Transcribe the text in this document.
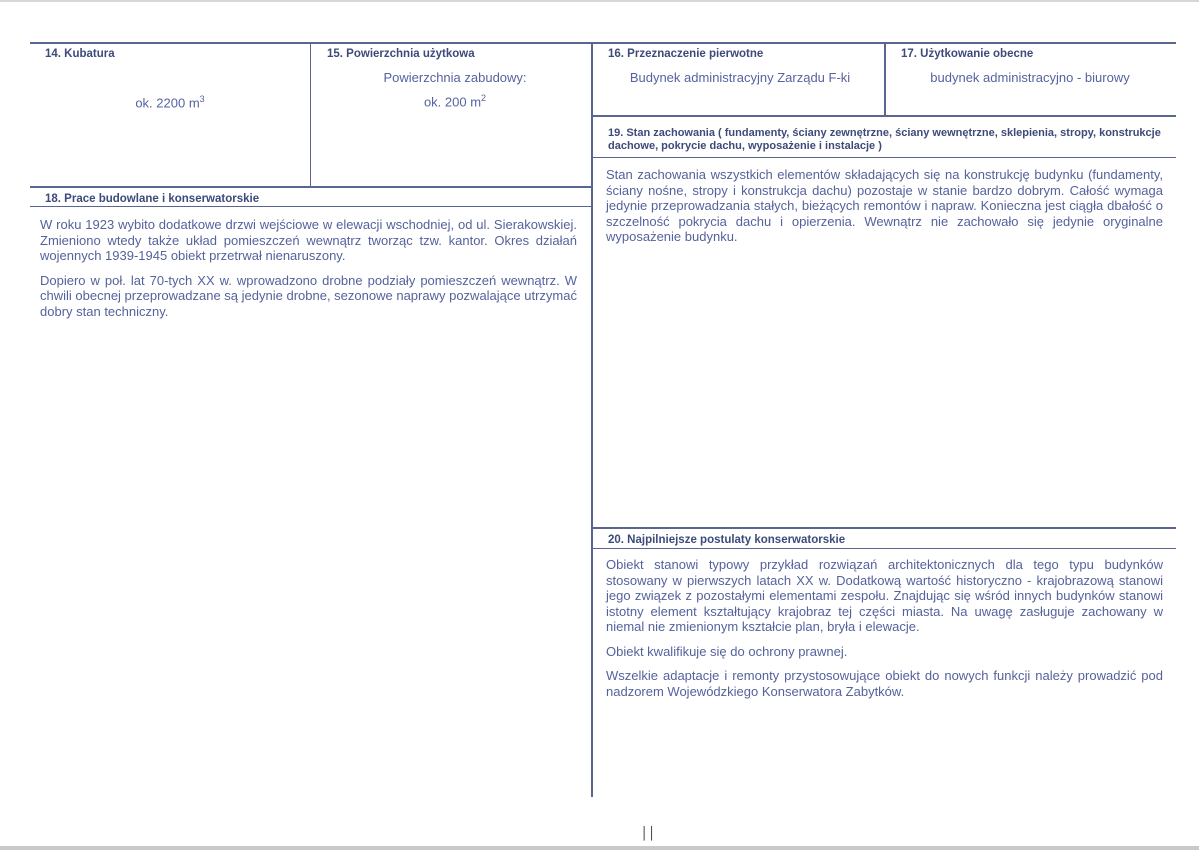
14. Kubatura
ok. 2200 $m^3$
15. Powierzchnia użytkowa
Powierzchnia zabudowy:
ok. 200 $m^2$
16. Przeznaczenie pierwotne
Budynek administracyjny Zarządu F-ki
17. Użytkowanie obecne
budynek administracyjno - biurowy
19. Stan zachowania ( fundamenty, ściany zewnętrzne, ściany wewnętrzne, sklepienia, stropy, konstrukcje dachowe, pokrycie dachu, wyposażenie i instalacje )

Stan zachowania wszystkich elementów składających się na konstrukcję budynku (fundamenty, ściany nośne, stropy i konstrukcja dachu) pozostaje w stanie bardzo dobrym. Całość wymaga jedynie przeprowadzania stałych, bieżących remontów i napraw. Konieczna jest ciągła dbałość o szczelność pokrycia dachu i opierzenia. Wewnątrz nie zachowało się jedynie oryginalne wyposażenie budynku.

18. Prace budowlane i konserwatorskie

W roku 1923 wybito dodatkowe drzwi wejściowe w elewacji wschodniej, od ul. Sierakowskiej. Zmieniono wtedy także układ pomieszczeń wewnątrz tworząc tzw. kantor. Okres działań wojennych 1939-1945 obiekt przetrwał nienaruszony.

Dopiero w poł. lat 70-tych XX w. wprowadzono drobne podziały pomieszczeń wewnątrz. W chwili obecnej przeprowadzane są jedynie drobne, sezonowe naprawy pozwalające utrzymać dobry stan techniczny.

20. Najpilniejsze postulaty konserwatorskie

Obiekt stanowi typowy przykład rozwiązań architektonicznych dla tego typu budynków stosowany w pierwszych latach XX w. Dodatkową wartość historyczno - krajobrazową stanowi jego związek z pozostałymi elementami zespołu. Znajdując się wśród innych budynków stanowi istotny element kształtujący krajobraz tej części miasta. Na uwagę zasługuje zachowany w niemal nie zmienionym kształcie plan, bryła i elewacje.

Obiekt kwalifikuje się do ochrony prawnej.

Wszelkie adaptacje i remonty przystosowujące obiekt do nowych funkcji należy prowadzić pod nadzorem Wojewódzkiego Konserwatora Zabytków.

││
